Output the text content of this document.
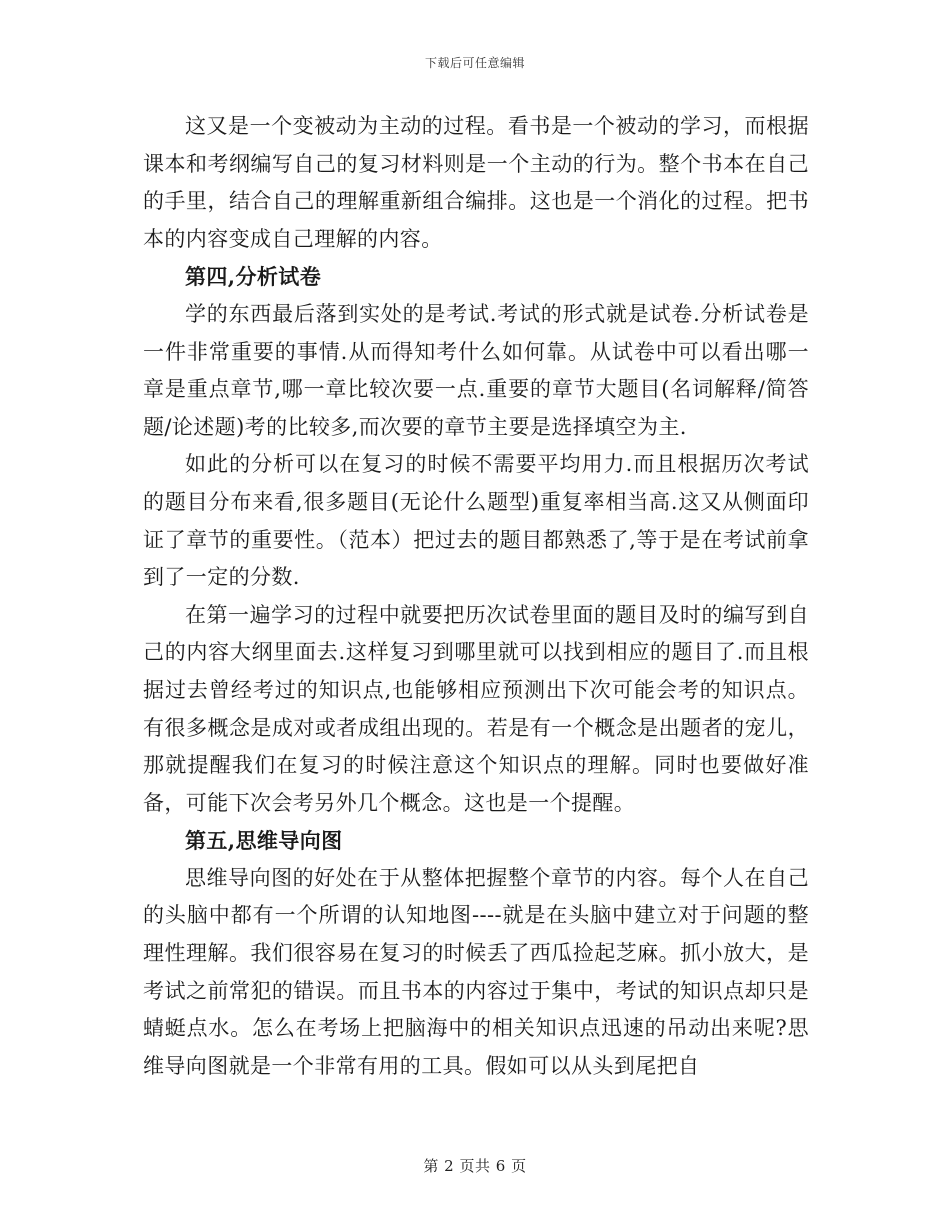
下载后可任意编辑

这又是一个变被动为主动的过程。看书是一个被动的学习，而根据课本和考纲编写自己的复习材料则是一个主动的行为。整个书本在自己的手里，结合自己的理解重新组合编排。这也是一个消化的过程。把书本的内容变成自己理解的内容。

第四,分析试卷

学的东西最后落到实处的是考试.考试的形式就是试卷.分析试卷是一件非常重要的事情.从而得知考什么如何靠。从试卷中可以看出哪一章是重点章节,哪一章比较次要一点.重要的章节大题目(名词解释/简答题/论述题)考的比较多,而次要的章节主要是选择填空为主.

如此的分析可以在复习的时候不需要平均用力.而且根据历次考试的题目分布来看,很多题目(无论什么题型)重复率相当高.这又从侧面印证了章节的重要性。（范本）把过去的题目都熟悉了,等于是在考试前拿到了一定的分数.

在第一遍学习的过程中就要把历次试卷里面的题目及时的编写到自己的内容大纲里面去.这样复习到哪里就可以找到相应的题目了.而且根据过去曾经考过的知识点,也能够相应预测出下次可能会考的知识点。有很多概念是成对或者成组出现的。若是有一个概念是出题者的宠儿，那就提醒我们在复习的时候注意这个知识点的理解。同时也要做好准备，可能下次会考另外几个概念。这也是一个提醒。

第五,思维导向图

思维导向图的好处在于从整体把握整个章节的内容。每个人在自己的头脑中都有一个所谓的认知地图----就是在头脑中建立对于问题的整理性理解。我们很容易在复习的时候丢了西瓜捡起芝麻。抓小放大，是考试之前常犯的错误。而且书本的内容过于集中，考试的知识点却只是蜻蜓点水。怎么在考场上把脑海中的相关知识点迅速的吊动出来呢?思维导向图就是一个非常有用的工具。假如可以从头到尾把自

第 2 页共 6 页
